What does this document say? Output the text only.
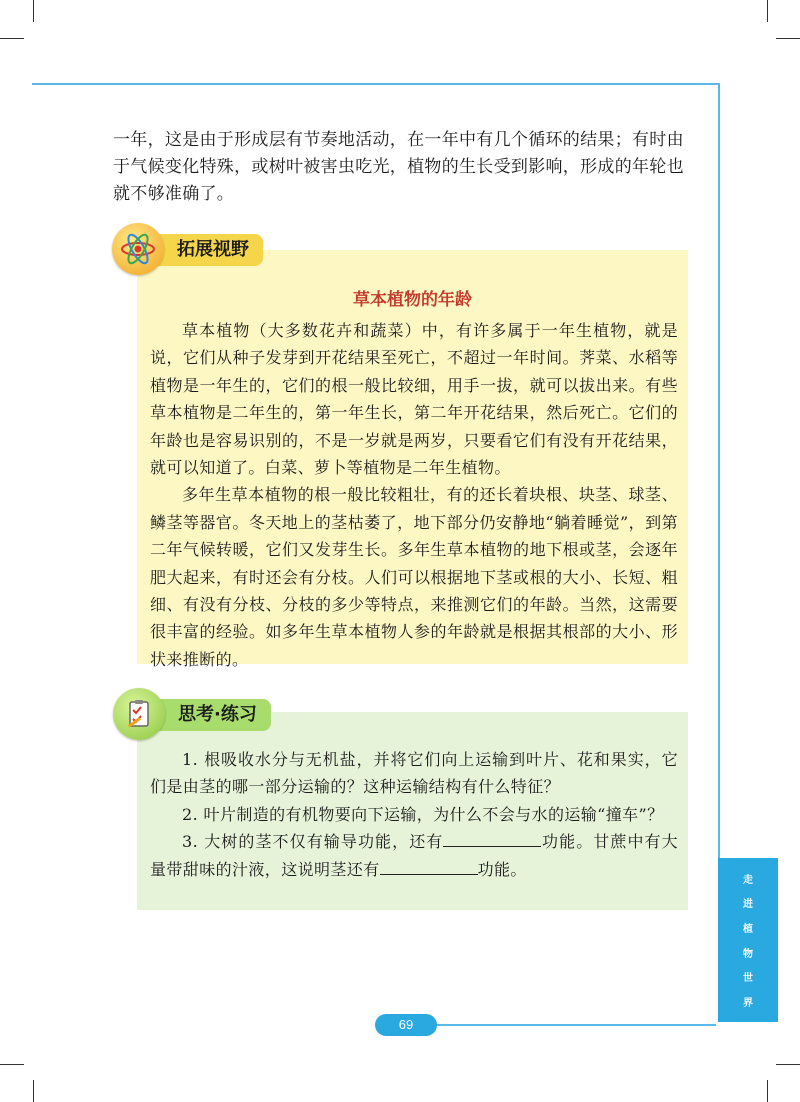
一年，这是由于形成层有节奏地活动，在一年中有几个循环的结果；有时由于气候变化特殊，或树叶被害虫吃光，植物的生长受到影响，形成的年轮也就不够准确了。

拓展视野
草本植物的年龄

草本植物（大多数花卉和蔬菜）中，有许多属于一年生植物，就是说，它们从种子发芽到开花结果至死亡，不超过一年时间。荠菜、水稻等植物是一年生的，它们的根一般比较细，用手一拔，就可以拔出来。有些草本植物是二年生的，第一年生长，第二年开花结果，然后死亡。它们的年龄也是容易识别的，不是一岁就是两岁，只要看它们有没有开花结果，就可以知道了。白菜、萝卜等植物是二年生植物。

多年生草本植物的根一般比较粗壮，有的还长着块根、块茎、球茎、鳞茎等器官。冬天地上的茎枯萎了，地下部分仍安静地“躺着睡觉”，到第二年气候转暖，它们又发芽生长。多年生草本植物的地下根或茎，会逐年肥大起来，有时还会有分枝。人们可以根据地下茎或根的大小、长短、粗细、有没有分枝、分枝的多少等特点，来推测它们的年龄。当然，这需要很丰富的经验。如多年生草本植物人参的年龄就是根据其根部的大小、形状来推断的。

思考·练习

1. 根吸收水分与无机盐，并将它们向上运输到叶片、花和果实，它们是由茎的哪一部分运输的？这种运输结构有什么特征？

2. 叶片制造的有机物要向下运输，为什么不会与水的运输“撞车”？

3. 大树的茎不仅有输导功能，还有	功能。甘蔗中有大量带甜味的汁液，这说明茎还有	功能。

走
进
植
物
世
界
69
